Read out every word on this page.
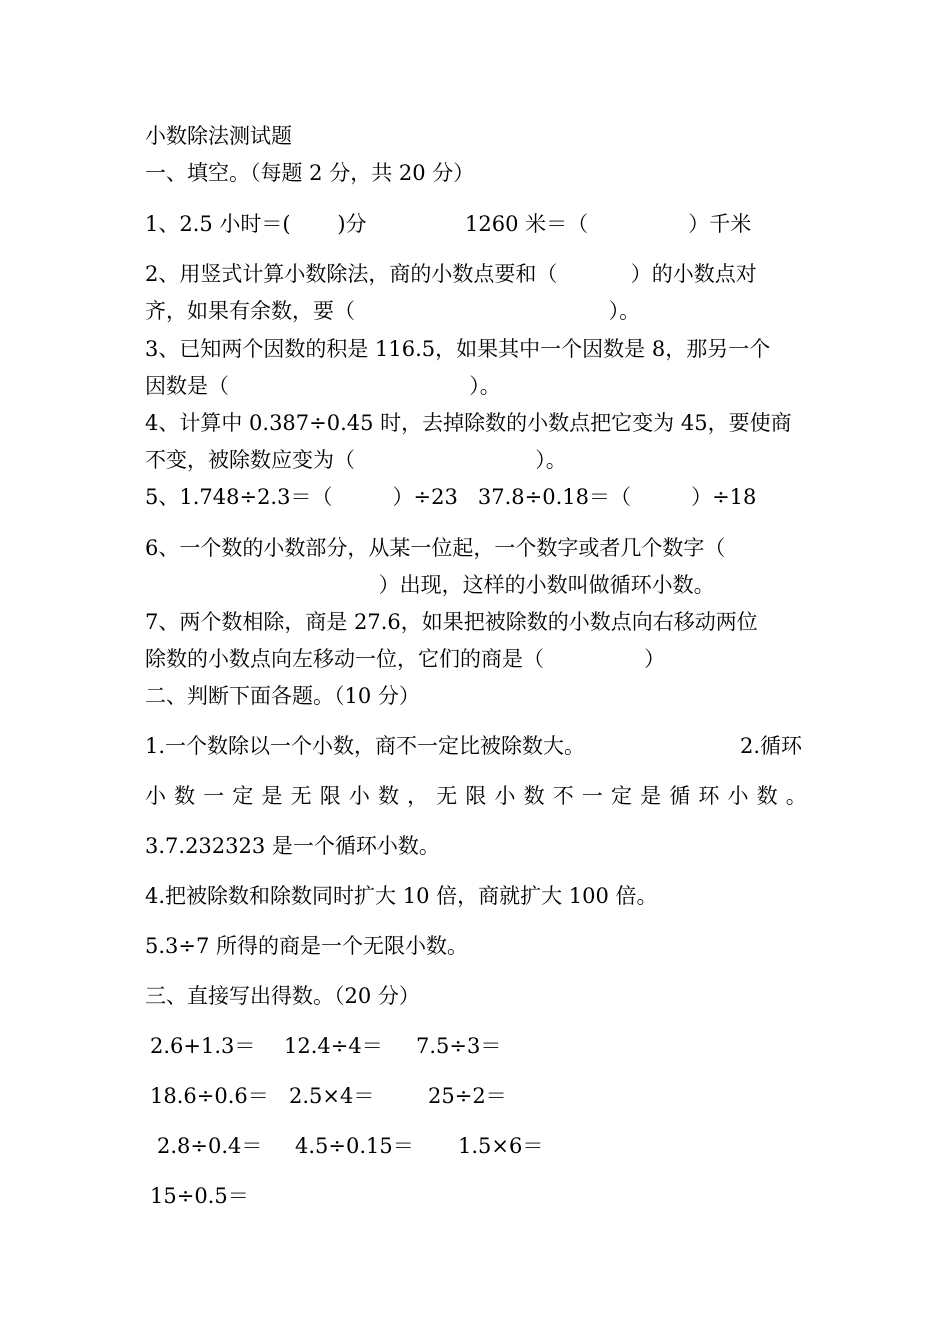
小数除法测试题
一、填空。（每题 2 分，共 20 分）
1、2.5 小时＝(       )分	1260 米＝（               ）千米
2、用竖式计算小数除法，商的小数点要和（           ）的小数点对
齐，如果有余数，要（                                      ）。
3、已知两个因数的积是 116.5，如果其中一个因数是 8，那另一个
因数是（                                    ）。
4、计算中 0.387÷0.45 时，去掉除数的小数点把它变为 45，要使商
不变，被除数应变为（                           ）。
5、1.748÷2.3＝（         ）÷23   37.8÷0.18＝（         ）÷18
6、一个数的小数部分，从某一位起，一个数字或者几个数字（
）出现，这样的小数叫做循环小数。
7、两个数相除，商是 27.6，如果把被除数的小数点向右移动两位
除数的小数点向左移动一位，它们的商是（               ）
二、判断下面各题。（10 分）
1.一个数除以一个小数，商不一定比被除数大。	2.循环
小 数 一 定 是 无 限 小 数 ， 无 限 小 数 不 一 定 是 循 环 小 数 。
3.7.232323 是一个循环小数。
4.把被除数和除数同时扩大 10 倍，商就扩大 100 倍。
5.3÷7 所得的商是一个无限小数。
三、直接写出得数。（20 分）
2.6+1.3＝ 12.4÷4＝ 7.5÷3＝
18.6÷0.6＝ 2.5×4＝	25÷2＝
2.8÷0.4＝ 4.5÷0.15＝ 1.5×6＝
15÷0.5＝
